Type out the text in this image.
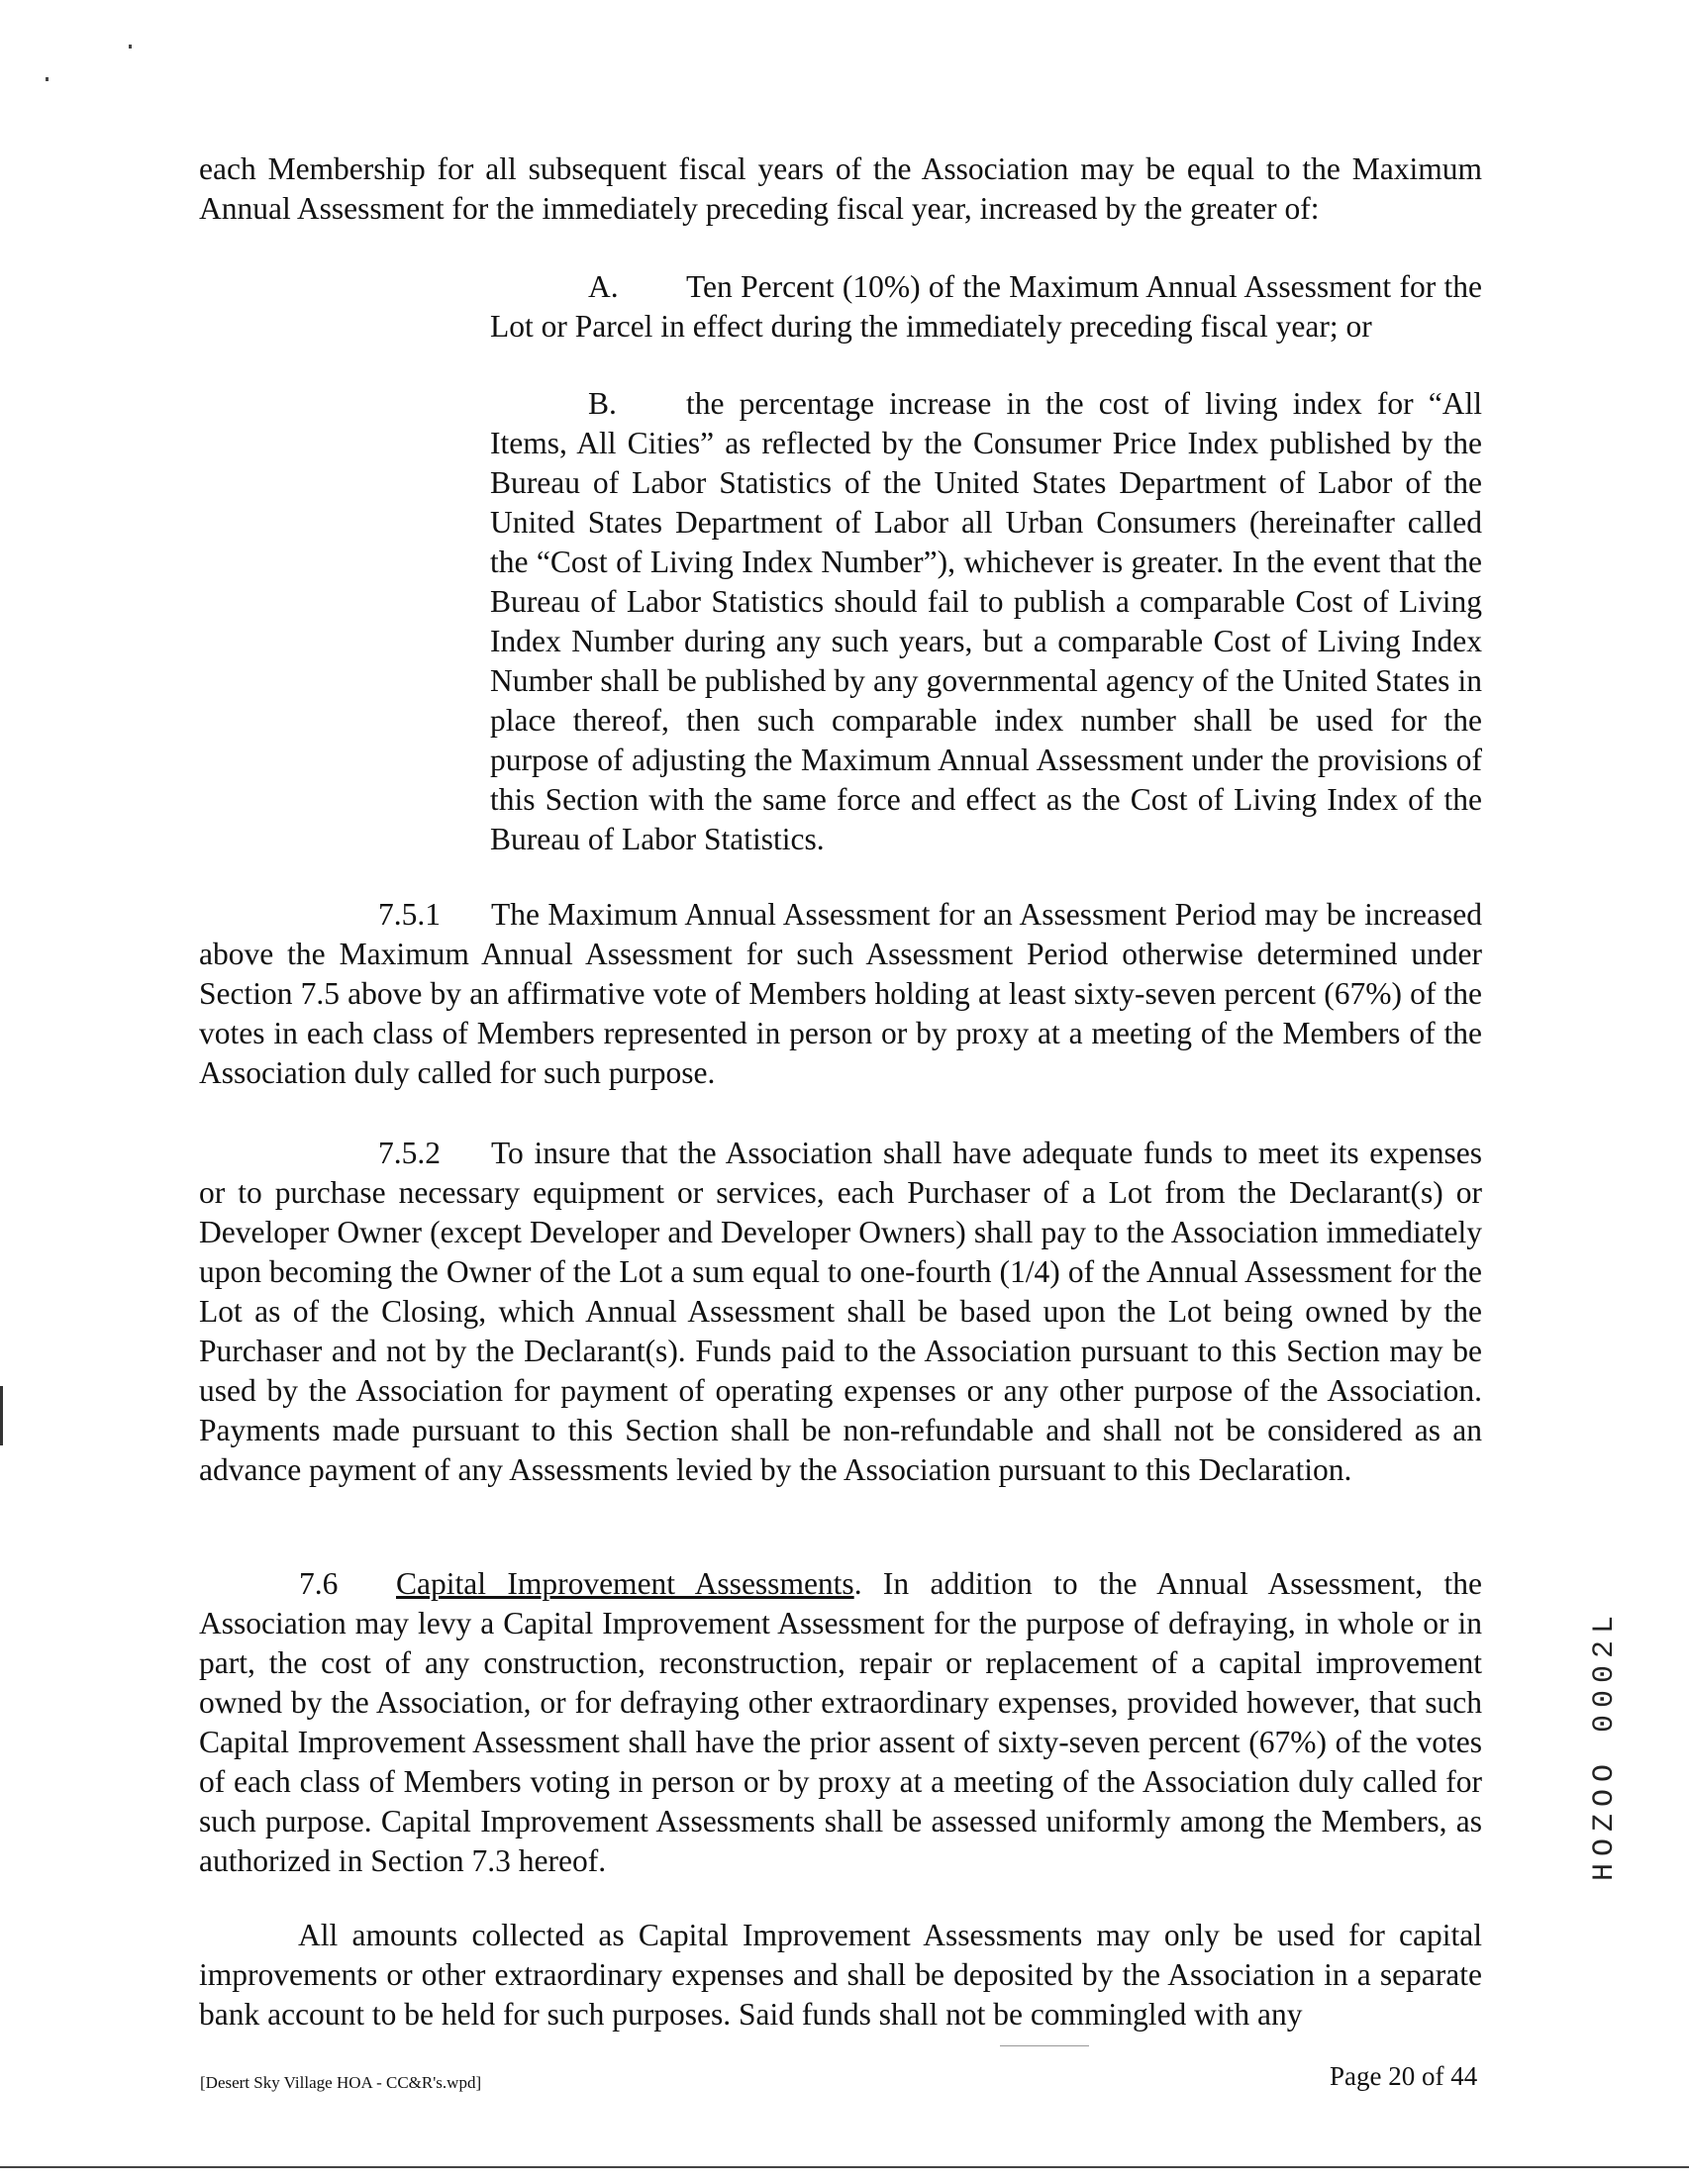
each Membership for all subsequent fiscal years of the Association may be equal to the Maximum Annual Assessment for the immediately preceding fiscal year, increased by the greater of:

A. Ten Percent (10%) of the Maximum Annual Assessment for the Lot or Parcel in effect during the immediately preceding fiscal year; or

B. the percentage increase in the cost of living index for “All Items, All Cities” as reflected by the Consumer Price Index published by the Bureau of Labor Statistics of the United States Department of Labor of the United States Department of Labor all Urban Consumers (hereinafter called the “Cost of Living Index Number”), whichever is greater. In the event that the Bureau of Labor Statistics should fail to publish a comparable Cost of Living Index Number during any such years, but a comparable Cost of Living Index Number shall be published by any governmental agency of the United States in place thereof, then such comparable index number shall be used for the purpose of adjusting the Maximum Annual Assessment under the provisions of this Section with the same force and effect as the Cost of Living Index of the Bureau of Labor Statistics.

7.5.1 The Maximum Annual Assessment for an Assessment Period may be increased above the Maximum Annual Assessment for such Assessment Period otherwise determined under Section 7.5 above by an affirmative vote of Members holding at least sixty-seven percent (67%) of the votes in each class of Members represented in person or by proxy at a meeting of the Members of the Association duly called for such purpose.

7.5.2 To insure that the Association shall have adequate funds to meet its expenses or to purchase necessary equipment or services, each Purchaser of a Lot from the Declarant(s) or Developer Owner (except Developer and Developer Owners) shall pay to the Association immediately upon becoming the Owner of the Lot a sum equal to one-fourth (1/4) of the Annual Assessment for the Lot as of the Closing, which Annual Assessment shall be based upon the Lot being owned by the Purchaser and not by the Declarant(s). Funds paid to the Association pursuant to this Section may be used by the Association for payment of operating expenses or any other purpose of the Association. Payments made pursuant to this Section shall be non-refundable and shall not be considered as an advance payment of any Assessments levied by the Association pursuant to this Declaration.

7.6 Capital Improvement Assessments. In addition to the Annual Assessment, the Association may levy a Capital Improvement Assessment for the purpose of defraying, in whole or in part, the cost of any construction, reconstruction, repair or replacement of a capital improvement owned by the Association, or for defraying other extraordinary expenses, provided however, that such Capital Improvement Assessment shall have the prior assent of sixty-seven percent (67%) of the votes of each class of Members voting in person or by proxy at a meeting of the Association duly called for such purpose. Capital Improvement Assessments shall be assessed uniformly among the Members, as authorized in Section 7.3 hereof.

All amounts collected as Capital Improvement Assessments may only be used for capital improvements or other extraordinary expenses and shall be deposited by the Association in a separate bank account to be held for such purposes. Said funds shall not be commingled with any

[Desert Sky Village HOA - CC&R's.wpd]	Page 20 of 44
HOZOO 0002L
